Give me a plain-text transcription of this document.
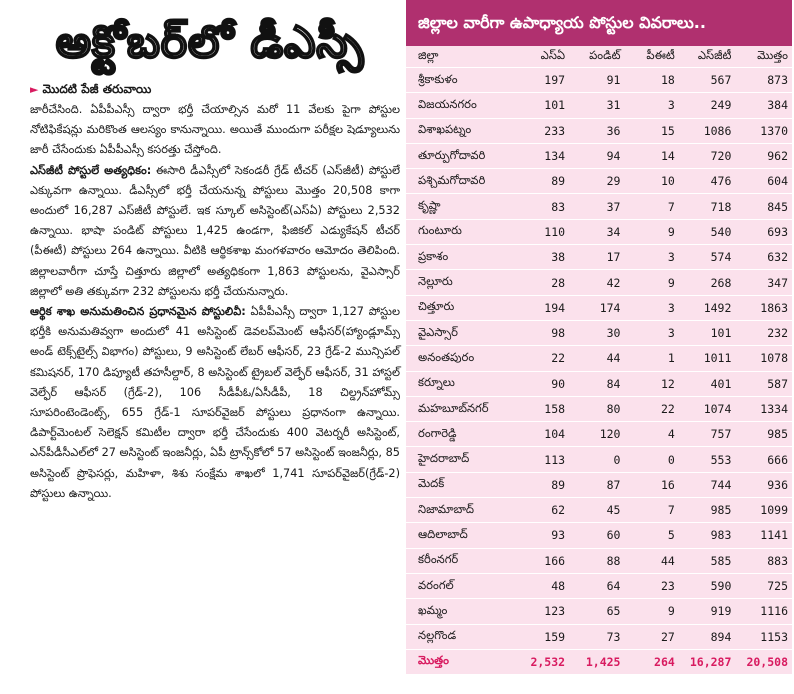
అక్టోబర్‌లో డీఎస్సీ
► మొదటి పేజీ తరువాయి

జారీచేసింది. ఏపీపీఎస్సీ ద్వారా భర్తీ చేయాల్సిన మరో 11 వేలకు పైగా పోస్టుల నోటిఫికేషన్లు మరికొంత ఆలస్యం కానున్నాయి. అయితే ముందుగా పరీక్షల షెడ్యూలును జారీ చేసేందుకు ఏపీపీఎస్సీ కసరత్తు చేస్తోంది.

ఎస్‌జీటీ పోస్టులే అత్యధికం: ఈసారి డీఎస్సీలో సెకండరీ గ్రేడ్ టీచర్ (ఎస్‌జీటీ) పోస్టులే ఎక్కువగా ఉన్నాయి. డీఎస్సీలో భర్తీ చేయనున్న పోస్టులు మొత్తం 20,508 కాగా అందులో 16,287 ఎస్‌జీటీ పోస్టులే. ఇక స్కూల్ అసిస్టెంట్(ఎస్ఏ) పోస్టులు 2,532 ఉన్నాయి. భాషా పండిట్ పోస్టులు 1,425 ఉండగా, ఫిజికల్ ఎడ్యుకేషన్ టీచర్ (పీఈటీ) పోస్టులు 264 ఉన్నాయి. వీటికి ఆర్థికశాఖ మంగళవారం ఆమోదం తెలిపింది. జిల్లాలవారీగా చూస్తే చిత్తూరు జిల్లాలో అత్యధికంగా 1,863 పోస్టులను, వైఎస్సార్ జిల్లాలో అతి తక్కువగా 232 పోస్టులను భర్తీ చేయనున్నారు.

ఆర్థిక శాఖ అనుమతించిన ప్రధానమైన పోస్టులివీ: ఏపీపీఎస్సీ ద్వారా 1,127 పోస్టుల భర్తీకి అనుమతివ్వగా అందులో 41 అసిస్టెంట్ డెవలప్‌మెంట్ ఆఫీసర్(హ్యాండ్లూమ్స్ అండ్ టెక్స్‌టైల్స్ విభాగం) పోస్టులు, 9 అసిస్టెంట్ లేబర్ ఆఫీసర్, 23 గ్రేడ్-2 మున్సిపల్ కమిషనర్, 170 డిప్యూటీ తహసీల్దార్, 8 అసిస్టెంట్ ట్రైబల్ వెల్ఫేర్ ఆఫీసర్, 31 హాస్టల్ వెల్ఫేర్ ఆఫీసర్ (గ్రేడ్-2), 106 సీడీపీఓ/ఏసీడీపీ, 18 చిల్డ్రన్‌హోమ్స్ సూపరింటెండెంట్స్, 655 గ్రేడ్-1 సూపర్‌వైజర్ పోస్టులు ప్రధానంగా ఉన్నాయి. డిపార్ట్‌మెంటల్ సెలెక్షన్ కమిటీల ద్వారా భర్తీ చేసేందుకు 400 వెటర్నరీ అసిస్టెంట్, ఎన్‌పీడీసీఎల్‌లో 27 అసిస్టెంట్ ఇంజనీర్లు, ఏపీ ట్రాన్స్‌కోలో 57 అసిస్టెంట్ ఇంజనీర్లు, 85 అసిస్టెంట్ ప్రొఫెసర్లు, మహిళా, శిశు సంక్షేమ శాఖలో 1,741 సూపర్‌వైజర్(గ్రేడ్-2) పోస్టులు ఉన్నాయి.

జిల్లాల వారీగా ఉపాధ్యాయ పోస్టుల వివరాలు..
జిల్లా	ఎస్ఏ	పండిట్	పీఈటీ	ఎస్‌జీటీ	మొత్తం
శ్రీకాకుళం	197	91	18	567	873
విజయనగరం	101	31	3	249	384
విశాఖపట్నం	233	36	15	1086	1370
తూర్పుగోదావరి	134	94	14	720	962
పశ్చిమగోదావరి	89	29	10	476	604
కృష్ణా	83	37	7	718	845
గుంటూరు	110	34	9	540	693
ప్రకాశం	38	17	3	574	632
నెల్లూరు	28	42	9	268	347
చిత్తూరు	194	174	3	1492	1863
వైఎస్సార్	98	30	3	101	232
అనంతపురం	22	44	1	1011	1078
కర్నూలు	90	84	12	401	587
మహబూబ్‌నగర్	158	80	22	1074	1334
రంగారెడ్డి	104	120	4	757	985
హైదరాబాద్	113	0	0	553	666
మెదక్	89	87	16	744	936
నిజామాబాద్	62	45	7	985	1099
ఆదిలాబాద్	93	60	5	983	1141
కరీంనగర్	166	88	44	585	883
వరంగల్	48	64	23	590	725
ఖమ్మం	123	65	9	919	1116
నల్లగొండ	159	73	27	894	1153
మొత్తం	2,532	1,425	264	16,287	20,508
